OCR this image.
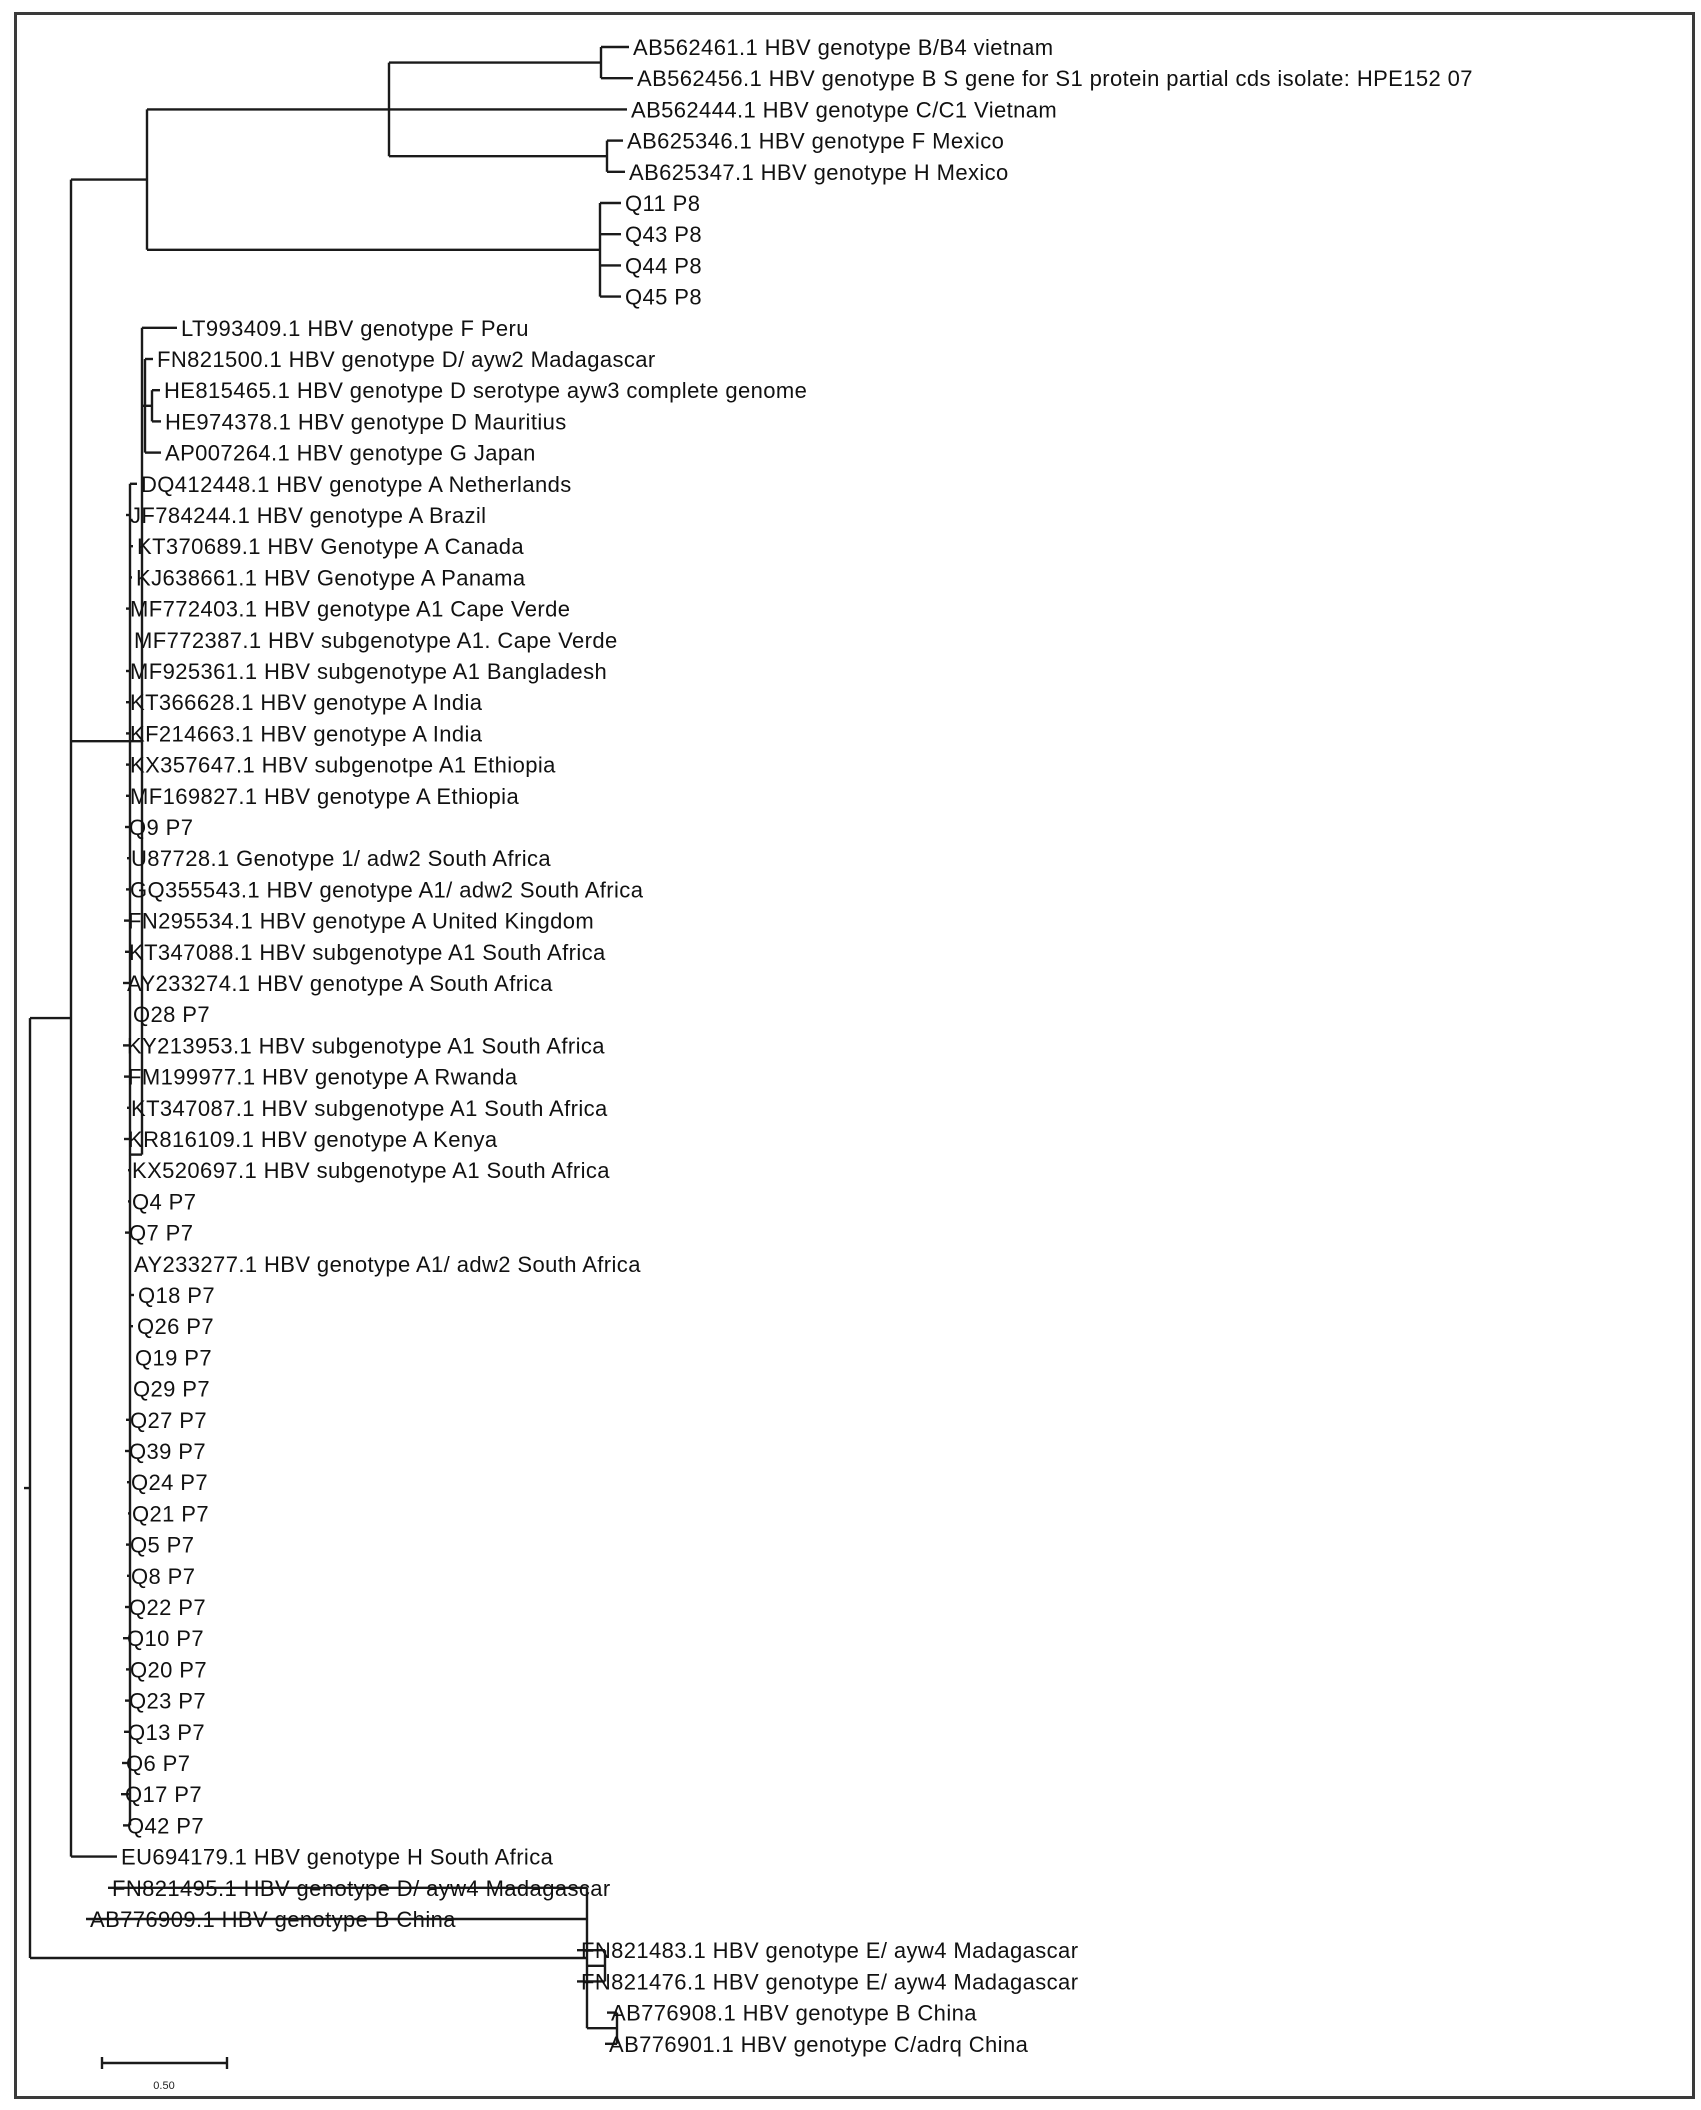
AB562461.1 HBV genotype B/B4 vietnam
AB562456.1 HBV genotype B S gene for S1 protein partial cds isolate: HPE152 07
AB562444.1 HBV genotype C/C1 Vietnam
AB625346.1 HBV genotype F Mexico
AB625347.1 HBV genotype H Mexico
Q11 P8
Q43 P8
Q44 P8
Q45 P8
LT993409.1 HBV genotype F Peru
FN821500.1 HBV genotype D/ ayw2 Madagascar
HE815465.1 HBV genotype D serotype ayw3 complete genome
HE974378.1 HBV genotype D Mauritius
AP007264.1 HBV genotype G Japan
DQ412448.1 HBV genotype A Netherlands
JF784244.1 HBV genotype A Brazil
KT370689.1 HBV Genotype A Canada
KJ638661.1 HBV Genotype A Panama
MF772403.1 HBV genotype A1 Cape Verde
MF772387.1 HBV subgenotype A1. Cape Verde
MF925361.1 HBV subgenotype A1 Bangladesh
KT366628.1 HBV genotype A India
KF214663.1 HBV genotype A India
KX357647.1 HBV subgenotpe A1 Ethiopia
MF169827.1 HBV genotype A Ethiopia
Q9 P7
U87728.1 Genotype 1/ adw2 South Africa
GQ355543.1 HBV genotype A1/ adw2 South Africa
FN295534.1 HBV genotype A United Kingdom
KT347088.1 HBV subgenotype A1 South Africa
AY233274.1 HBV genotype A South Africa
Q28 P7
KY213953.1 HBV subgenotype A1 South Africa
FM199977.1 HBV genotype A Rwanda
KT347087.1 HBV subgenotype A1 South Africa
KR816109.1 HBV genotype A Kenya
KX520697.1 HBV subgenotype A1 South Africa
Q4 P7
Q7 P7
AY233277.1 HBV genotype A1/ adw2 South Africa
Q18 P7
Q26 P7
Q19 P7
Q29 P7
Q27 P7
Q39 P7
Q24 P7
Q21 P7
Q5 P7
Q8 P7
Q22 P7
Q10 P7
Q20 P7
Q23 P7
Q13 P7
Q6 P7
Q17 P7
Q42 P7
EU694179.1 HBV genotype H South Africa
FN821495.1 HBV genotype D/ ayw4 Madagascar
AB776909.1 HBV genotype B China
FN821483.1 HBV genotype E/ ayw4 Madagascar
FN821476.1 HBV genotype E/ ayw4 Madagascar
AB776908.1 HBV genotype B China
AB776901.1 HBV genotype C/adrq China
0.50
